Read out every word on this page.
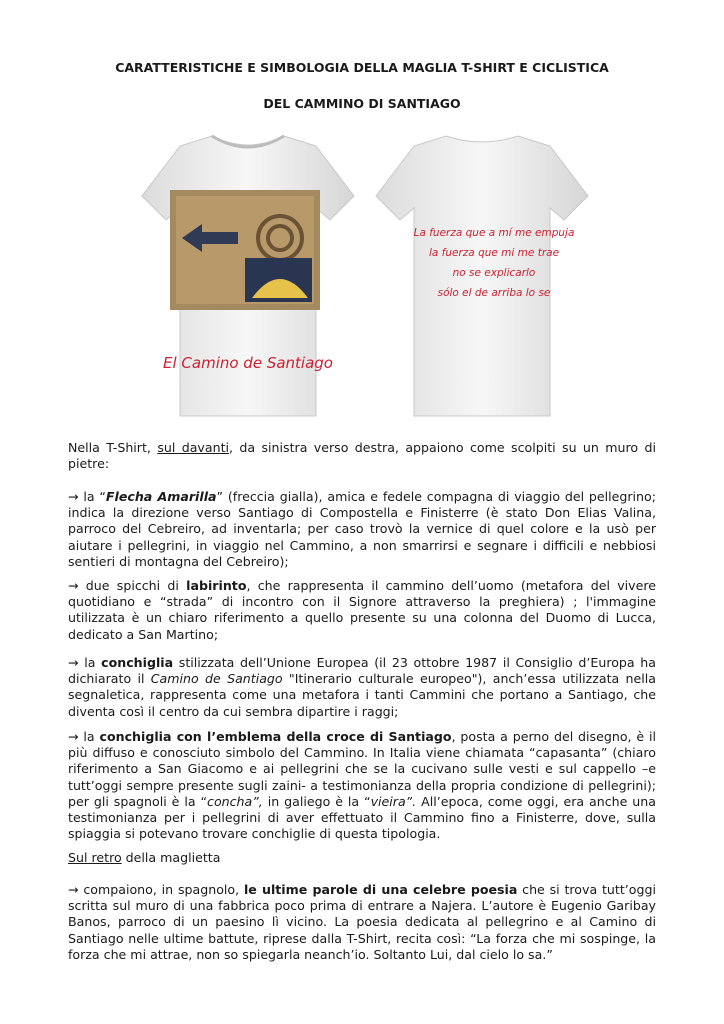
CARATTERISTICHE E SIMBOLOGIA DELLA MAGLIA T-SHIRT E CICLISTICA
DEL CAMMINO DI SANTIAGO
El Camino de Santiago
La fuerza que a mí me empuja
la fuerza que mi me trae
no se explicarlo
sólo el de arriba lo se
Nella T-Shirt, sul davanti, da sinistra verso destra, appaiono come scolpiti su un muro di pietre:
→ la “Flecha Amarilla” (freccia gialla), amica e fedele compagna di viaggio del pellegrino; indica la direzione verso Santiago di Compostella e Finisterre (è stato Don Elias Valina, parroco del Cebreiro, ad inventarla; per caso trovò la vernice di quel colore e la usò per aiutare i pellegrini, in viaggio nel Cammino, a non smarrirsi e segnare i difficili e nebbiosi sentieri di montagna del Cebreiro);
→ due spicchi di labirinto, che rappresenta il cammino dell’uomo (metafora del vivere quotidiano e “strada” di incontro con il Signore attraverso la preghiera) ; l'immagine utilizzata è un chiaro riferimento a quello presente su una colonna del Duomo di Lucca, dedicato a San Martino;
→ la conchiglia stilizzata dell’Unione Europea (il 23 ottobre 1987 il Consiglio d’Europa ha dichiarato il Camino de Santiago "Itinerario culturale europeo"), anch’essa utilizzata nella segnaletica, rappresenta come una metafora i tanti Cammini che portano a Santiago, che diventa così il centro da cui sembra dipartire i raggi;
→ la conchiglia con l’emblema della croce di Santiago, posta a perno del disegno, è il più diffuso e conosciuto simbolo del Cammino. In Italia viene chiamata “capasanta” (chiaro riferimento a San Giacomo e ai pellegrini che se la cucivano sulle vesti e sul cappello –e tutt’oggi sempre presente sugli zaini- a testimonianza della propria condizione di pellegrini); per gli spagnoli è la “concha”, in galiego è la “vieira”. All’epoca, come oggi, era anche una testimonianza per i pellegrini di aver effettuato il Cammino fino a Finisterre, dove, sulla spiaggia si potevano trovare conchiglie di questa tipologia.
Sul retro della maglietta
→ compaiono, in spagnolo, le ultime parole di una celebre poesia che si trova tutt’oggi scritta sul muro di una fabbrica poco prima di entrare a Najera. L’autore è Eugenio Garibay Banos, parroco di un paesino lì vicino. La poesia dedicata al pellegrino e al Camino di Santiago nelle ultime battute, riprese dalla T-Shirt, recita così: “La forza che mi sospinge, la forza che mi attrae, non so spiegarla neanch’io. Soltanto Lui, dal cielo lo sa.”
